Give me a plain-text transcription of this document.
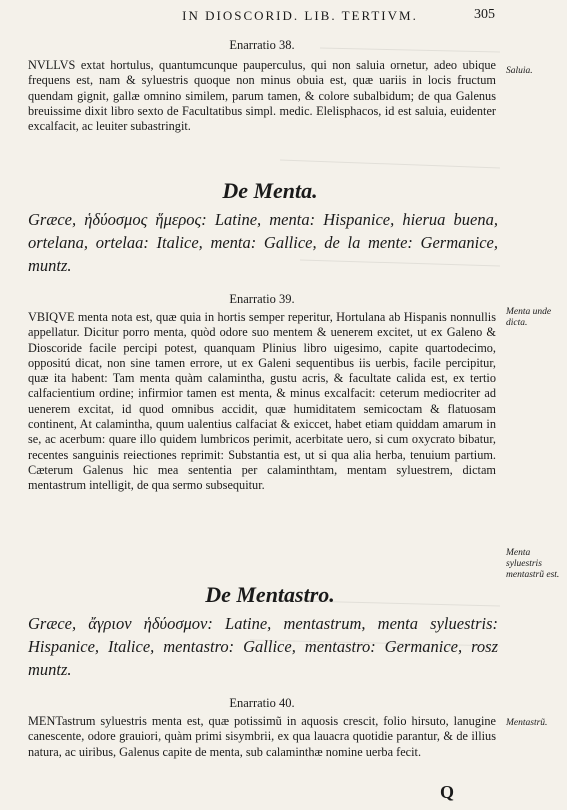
IN DIOSCORID. LIB. TERTIVM.	305
Enarratio 38.
NVLLVS extat hortulus, quantumcunque pauperculus, qui non saluia ornetur, adeo ubique frequens est, nam & syluestris quoque non minus obuia est, quæ uariis in locis fructum quendam gignit, gallæ omnino similem, parum tamen, & colore subalbidum; de qua Galenus breuissime dixit libro sexto de Facultatibus simpl. medic. Elelisphacos, id est saluia, euidenter excalfacit, ac leuiter subastringit.
Saluia.
De Menta.
Græce, ἡδύοσμος ἥμερος: Latine, menta: Hispanice, hierua buena, ortelana, ortelaa: Italice, menta: Gallice, de la mente: Germanice, muntz.
Enarratio 39.
VBIQVE menta nota est, quæ quia in hortis semper reperitur, Hortulana ab Hispanis nonnullis appellatur. Dicitur porro menta, quòd odore suo mentem & uenerem excitet, ut ex Galeno & Dioscoride facile percipi potest, quanquam Plinius libro uigesimo, capite quartodecimo, oppositú dicat, non sine tamen errore, ut ex Galeni sequentibus iis uerbis, facile percipitur, quæ ita habent: Tam menta quàm calamintha, gustu acris, & facultate calida est, ex tertio calfacientium ordine; infirmior tamen est menta, & minus excalfacit: ceterum mediocriter ad uenerem excitat, id quod omnibus accidit, quæ humiditatem semicoctam & flatuosam continent, At calamintha, quum ualentius calfaciat & exiccet, habet etiam quiddam amarum in se, ac acerbum: quare illo quidem lumbricos perimit, acerbitate uero, si cum oxycrato bibatur, recentes sanguinis reiectiones reprimit: Substantia est, ut si qua alia herba, tenuium partium. Cæterum Galenus hic mea sententia per calaminthtam, mentam syluestrem, dictam mentastrum intelligit, de qua sermo subsequitur.
Menta unde dicta.
Menta syluestris mentastrũ est.
De Mentastro.
Græce, ἄγριον ἡδύοσμον: Latine, mentastrum, menta syluestris: Hispanice, Italice, mentastro: Gallice, mentastro: Germanice, rosz muntz.
Enarratio 40.
MENTastrum syluestris menta est, quæ potissimũ in aquosis crescit, folio hirsuto, lanugine canescente, odore grauiori, quàm primi sisymbrii, ex qua lauacra quotidie parantur, & de illius natura, ac uiribus, Galenus capite de menta, sub calaminthæ nomine uerba fecit.
Mentastrũ.
Q
